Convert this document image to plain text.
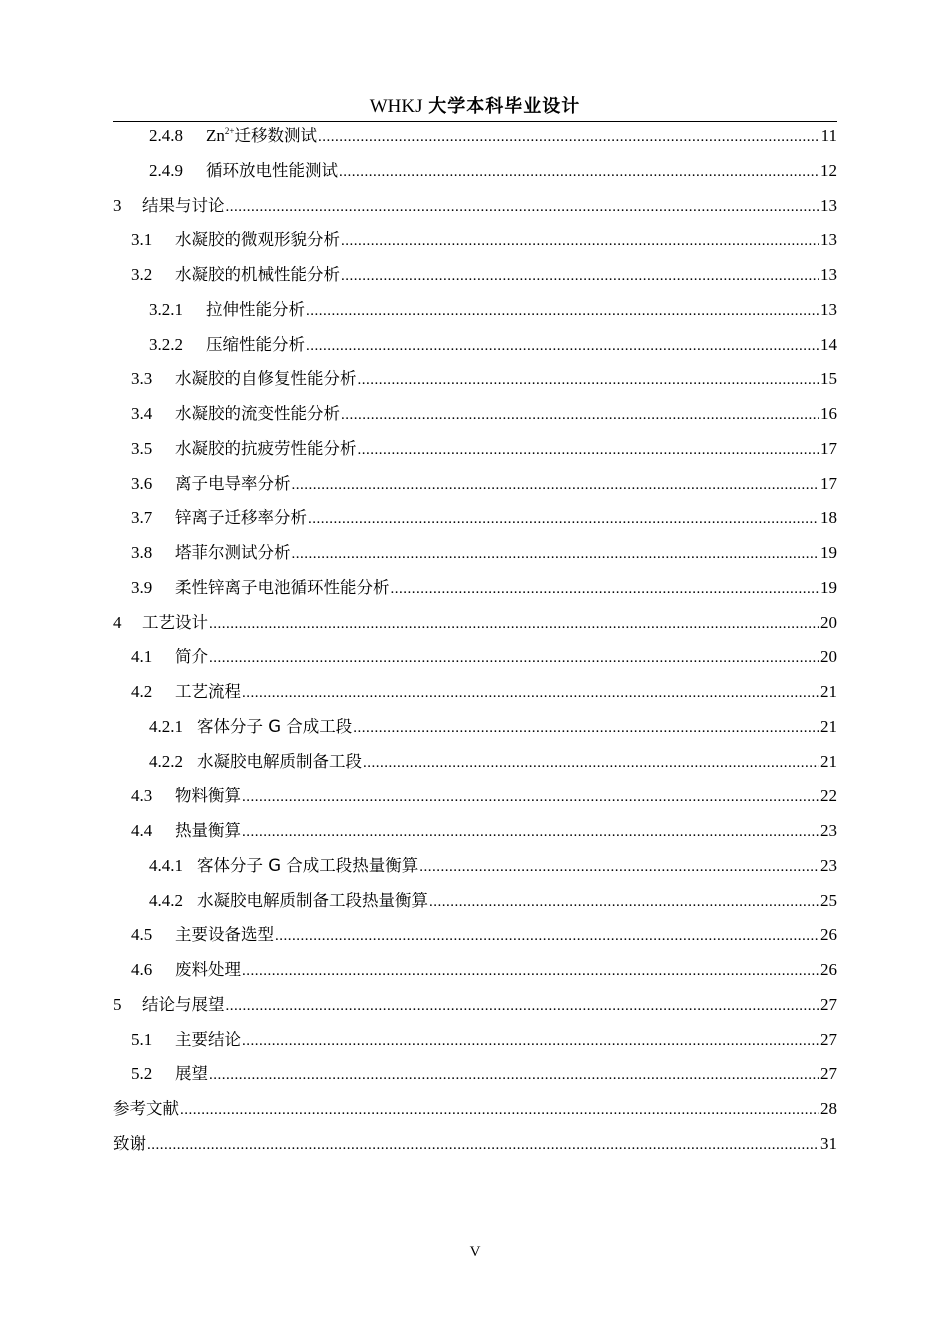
WHKJ 大学本科毕业设计
2.4.8	$Zn^{2+}$迁移数测试 .....	11
2.4.9	循环放电性能测试 .....	12
3	结果与讨论 .....	13
3.1	水凝胶的微观形貌分析 .....	13
3.2	水凝胶的机械性能分析 .....	13
3.2.1	拉伸性能分析 .....	13
3.2.2	压缩性能分析 .....	14
3.3	水凝胶的自修复性能分析 .....	15
3.4	水凝胶的流变性能分析 .....	16
3.5	水凝胶的抗疲劳性能分析 .....	17
3.6	离子电导率分析 .....	17
3.7	锌离子迁移率分析 .....	18
3.8	塔菲尔测试分析 .....	19
3.9	柔性锌离子电池循环性能分析 .....	19
4	工艺设计 .....	20
4.1	简介 .....	20
4.2	工艺流程 .....	21
4.2.1 客体分子 G 合成工段 .....	21
4.2.2 水凝胶电解质制备工段 .....	21
4.3	物料衡算 .....	22
4.4	热量衡算 .....	23
4.4.1 客体分子 G 合成工段热量衡算 .....	23
4.4.2 水凝胶电解质制备工段热量衡算 .....	25
4.5	主要设备选型 .....	26
4.6	废料处理 .....	26
5	结论与展望 .....	27
5.1	主要结论 .....	27
5.2	展望 .....	27
参考文献 .....	28
致谢 .....	31
V
